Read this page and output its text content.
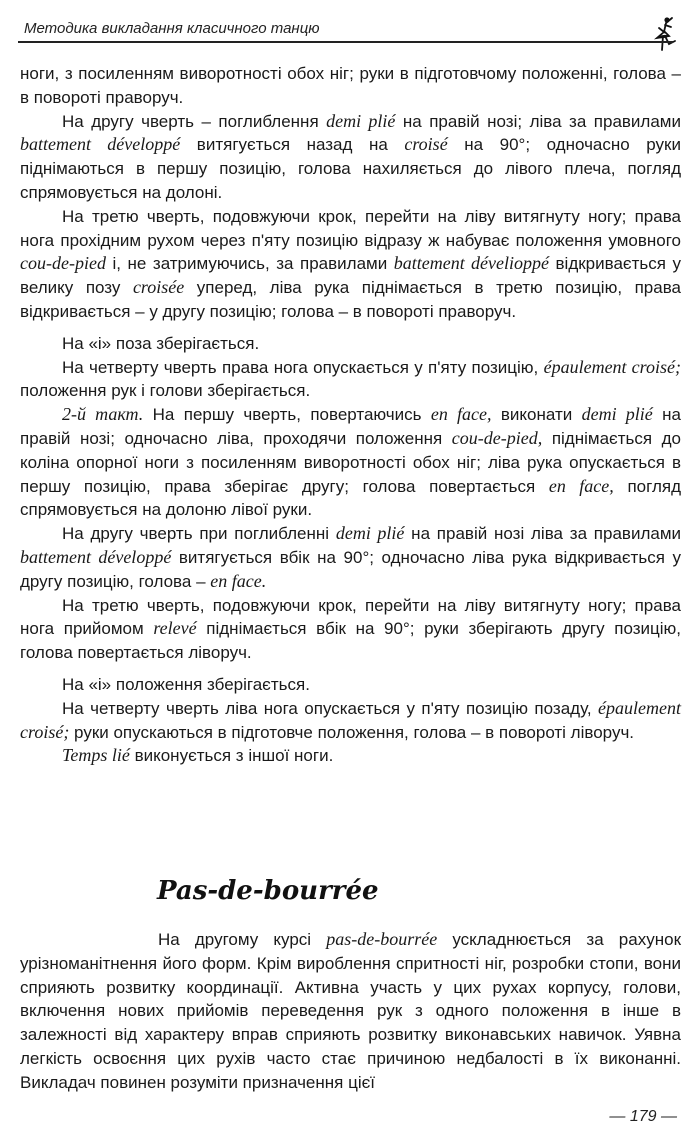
Методика викладання класичного танцю

ноги, з посиленням виворотності обох ніг; руки в підготовчому положенні, голова – в повороті праворуч.

На другу чверть – поглиблення demi plié на правій нозі; ліва за правилами battement développé витягується назад на croisé на 90°; одночасно руки піднімаються в першу позицію, голова нахиляється до лівого плеча, погляд спрямовується на долоні.

На третю чверть, подовжуючи крок, перейти на ліву витягнуту ногу; права нога прохідним рухом через п'яту позицію відразу ж набуває положення умовного cou-de-pied і, не затримуючись, за правилами battement dévelioppé відкривається у велику позу croisée уперед, ліва рука піднімається в третю позицію, права відкривається – у другу позицію; голова – в повороті праворуч.

На «і» поза зберігається.

На четверту чверть права нога опускається у п'яту позицію, épaulement croisé; положення рук і голови зберігається.

2-й такт. На першу чверть, повертаючись en face, виконати demi plié на правій нозі; одночасно ліва, проходячи положення cou-de-pied, піднімається до коліна опорної ноги з посиленням виворотності обох ніг; ліва рука опускається в першу позицію, права зберігає другу; голова повертається en face, погляд спрямовується на долоню лівої руки.

На другу чверть при поглибленні demi plié на правій нозі ліва за правилами battement développé витягується вбік на 90°; одночасно ліва рука відкривається у другу позицію, голова – en face.

На третю чверть, подовжуючи крок, перейти на ліву витягнуту ногу; права нога прийомом relevé піднімається вбік на 90°; руки зберігають другу позицію, голова повертається ліворуч.

На «і» положення зберігається.

На четверту чверть ліва нога опускається у п'яту позицію позаду, épaulement croisé; руки опускаються в підготовче положення, голова – в повороті ліворуч.

Temps lié виконується з іншої ноги.

Pas-de-bourrée

На другому курсі pas-de-bourrée ускладнюється за рахунок урізноманітнення його форм. Крім вироблення спритності ніг, розробки стопи, вони сприяють розвитку координації. Активна участь у цих рухах корпусу, голови, включення нових прийомів переведення рук з одного положення в інше в залежності від характеру вправ сприяють розвитку виконавських навичок. Уявна легкість освоєння цих рухів часто стає причиною недбалості в їх виконанні. Викладач повинен розуміти призначення цієї

— 179 —
